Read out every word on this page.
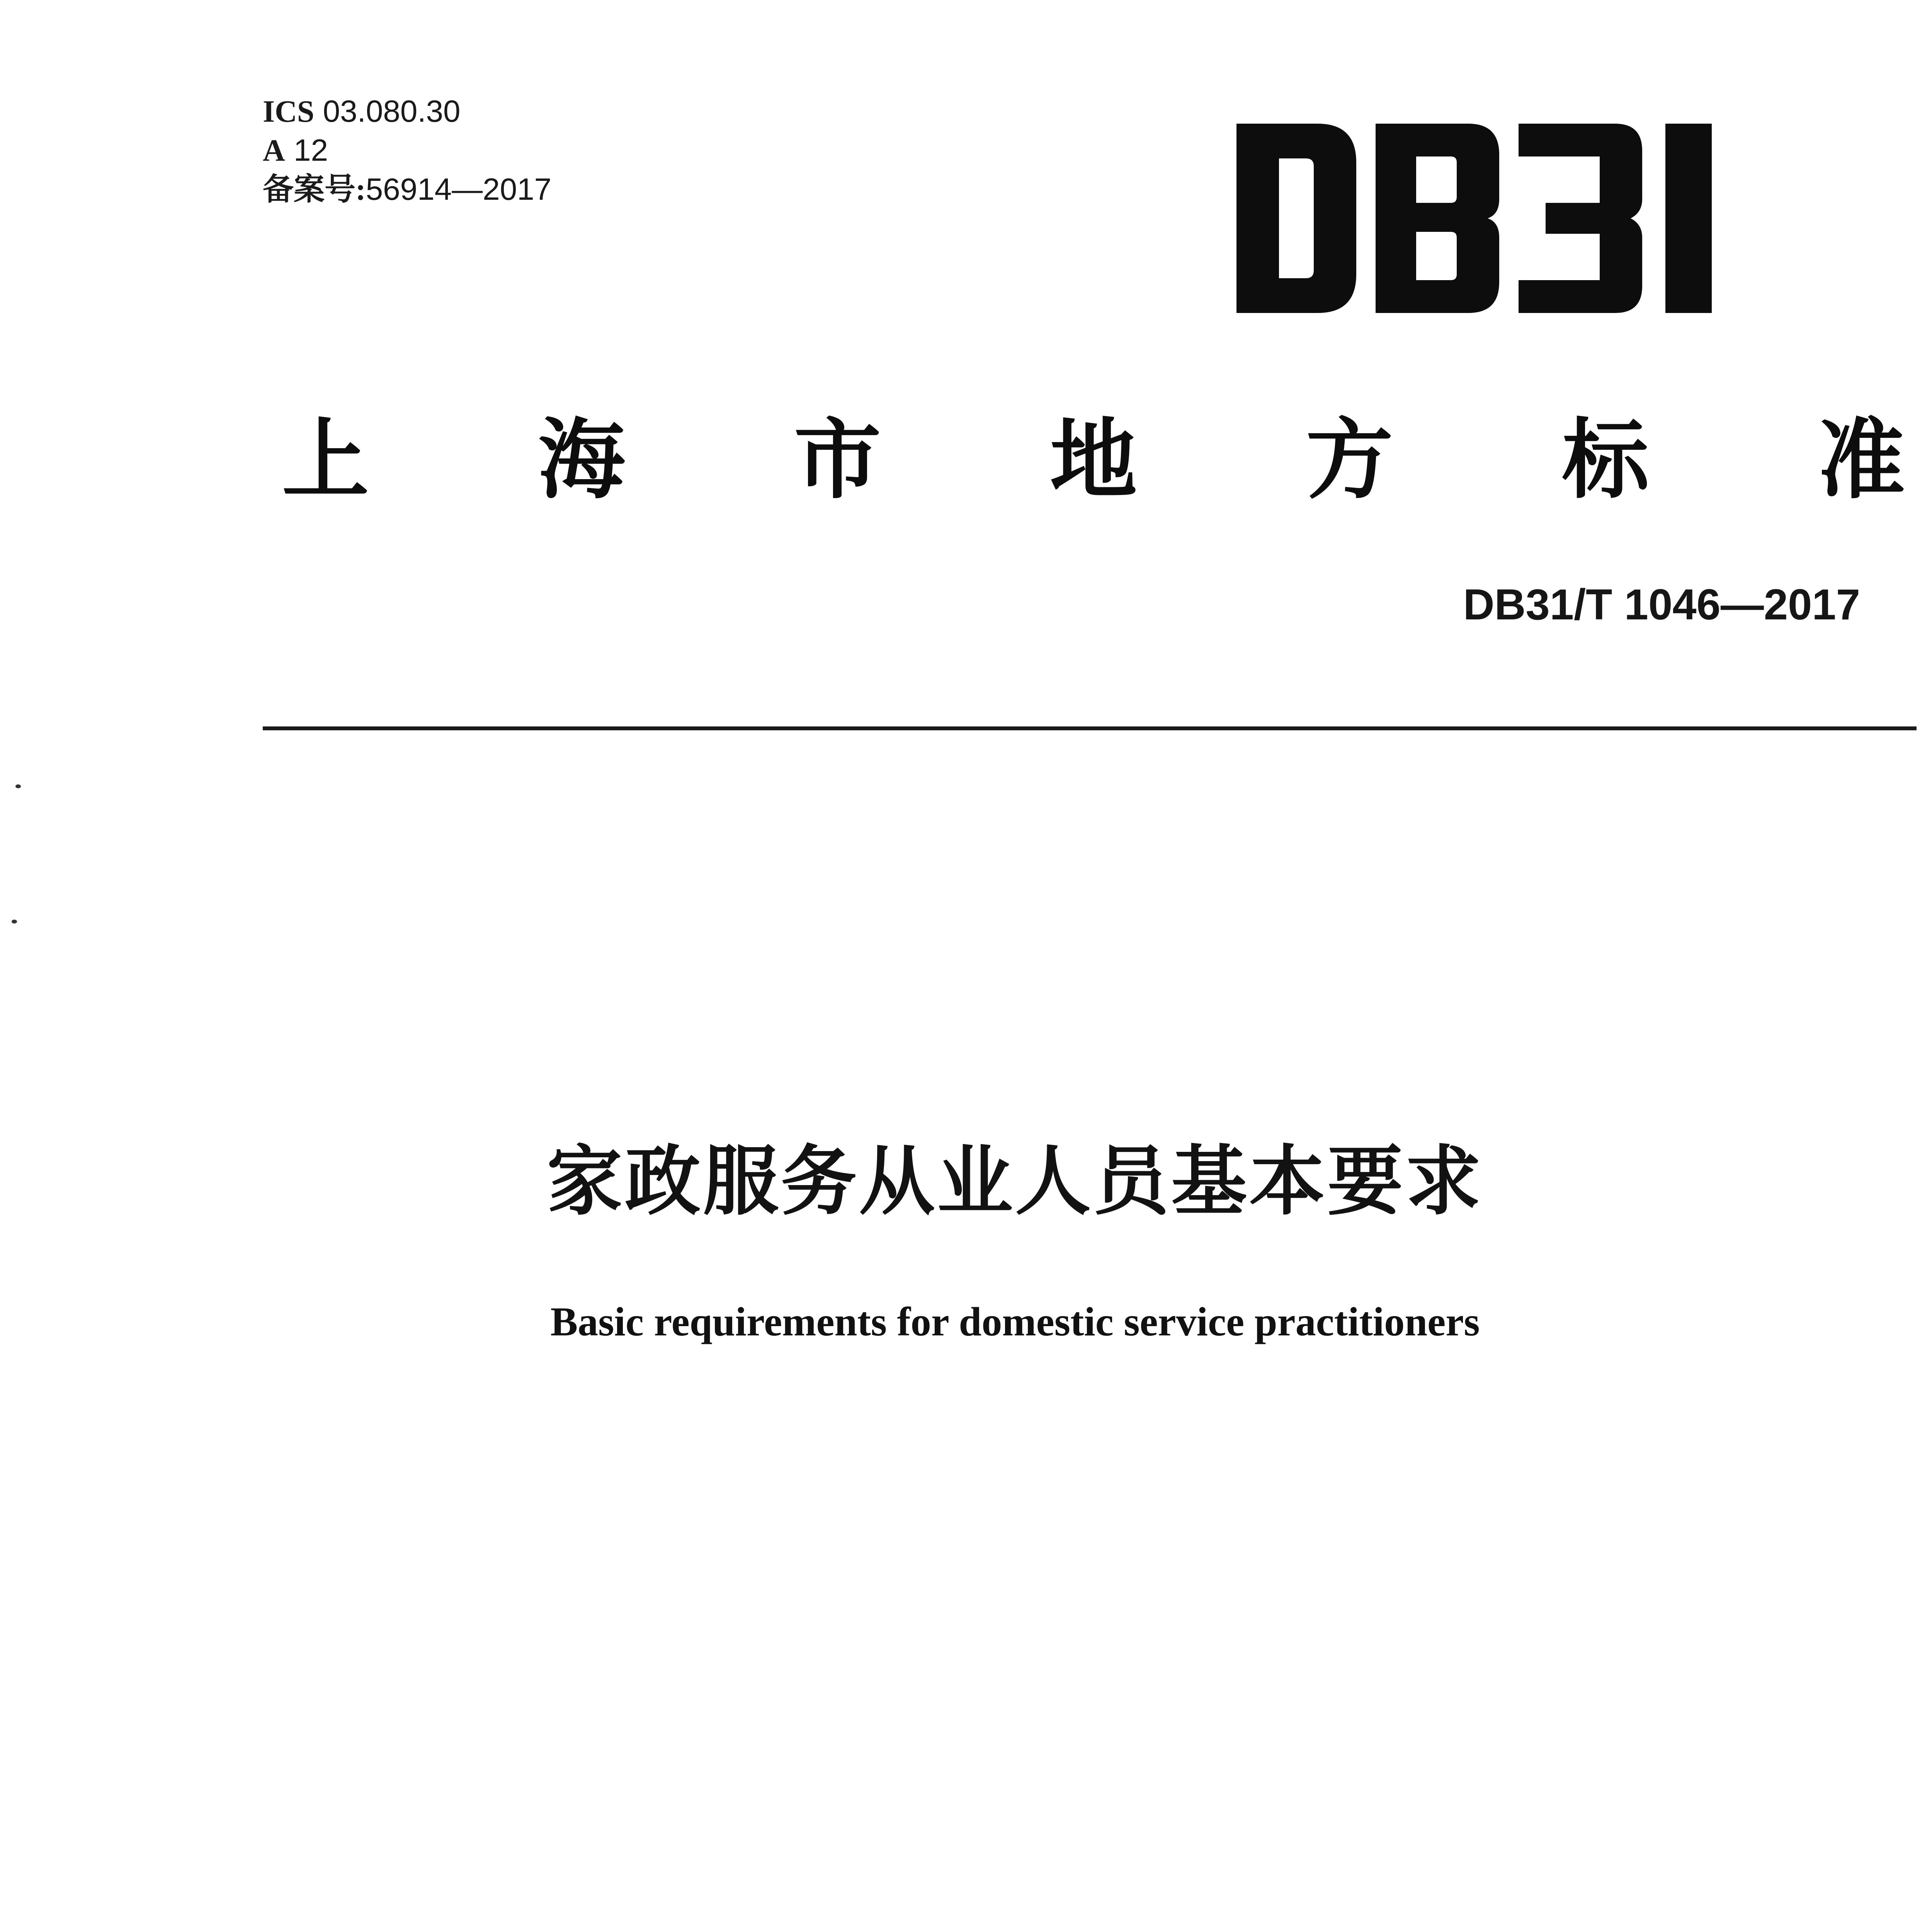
ICS 03.080.30
A 12
备案号:56914—2017
上 海 市 地 方 标 准
DB31/T 1046—2017
家政服务从业人员基本要求
Basic requirements for domestic service practitioners
